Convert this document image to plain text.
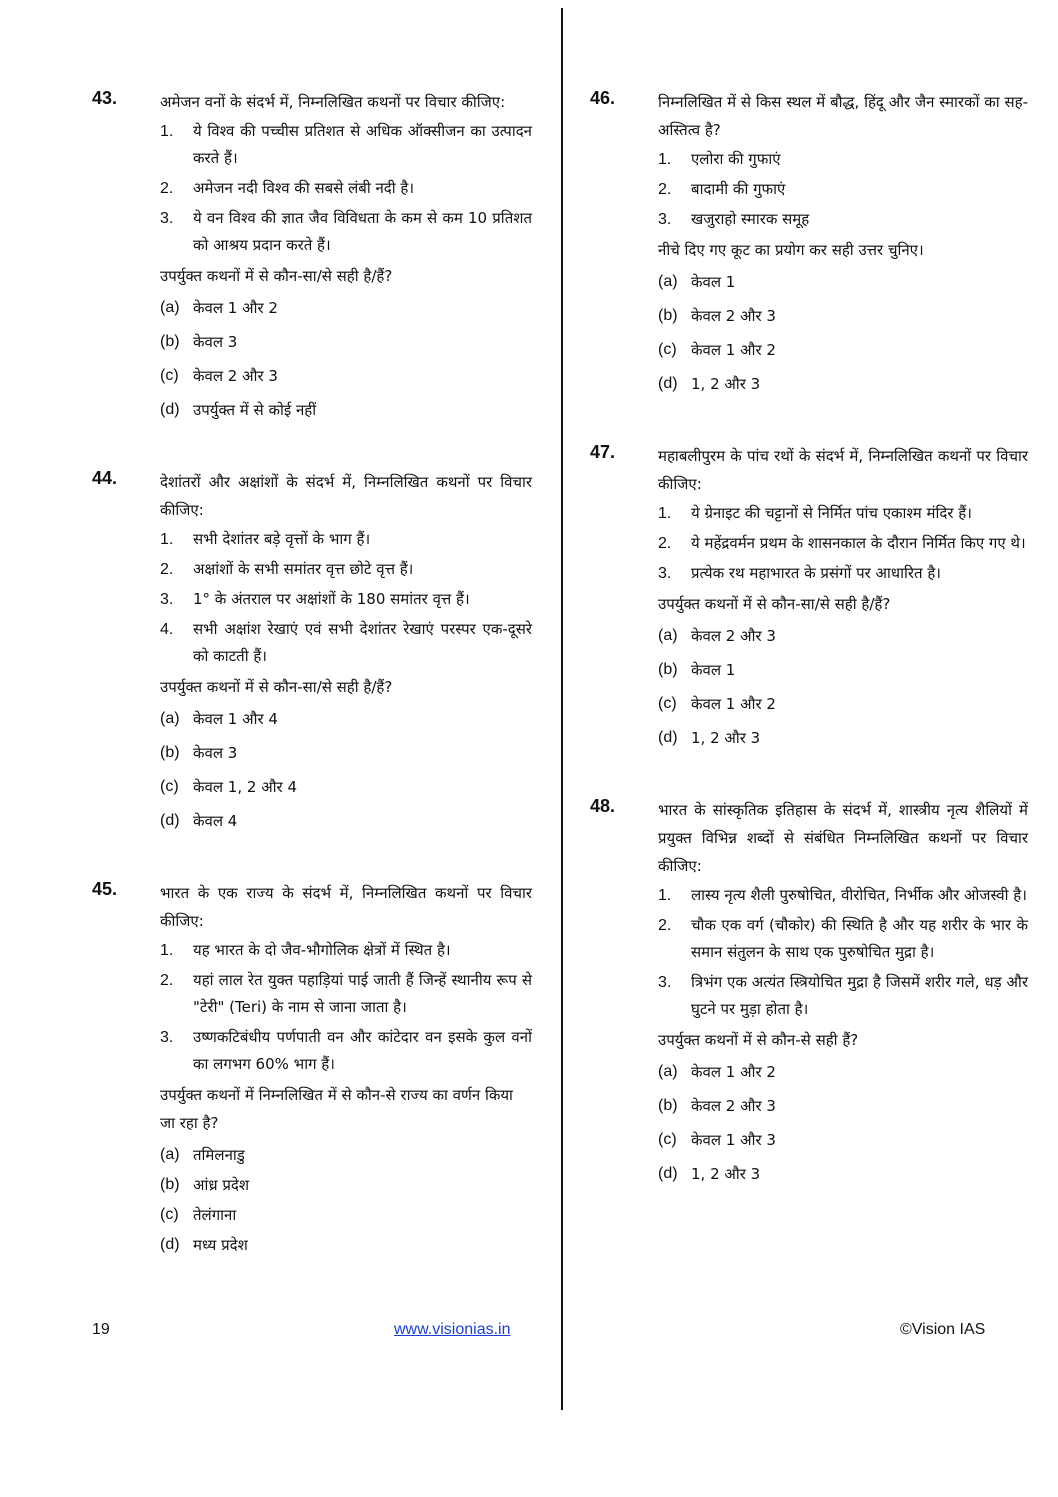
43.	अमेजन वनों के संदर्भ में, निम्नलिखित कथनों पर विचार कीजिए:

1.	ये विश्व की पच्चीस प्रतिशत से अधिक ऑक्सीजन का उत्पादन करते हैं।
2.	अमेजन नदी विश्व की सबसे लंबी नदी है।
3.	ये वन विश्व की ज्ञात जैव विविधता के कम से कम 10 प्रतिशत को आश्रय प्रदान करते हैं।

उपर्युक्त कथनों में से कौन-सा/से सही है/हैं?

(a) केवल 1 और 2
(b) केवल 3
(c) केवल 2 और 3
(d) उपर्युक्त में से कोई नहीं
44.	देशांतरों और अक्षांशों के संदर्भ में, निम्नलिखित कथनों पर विचार कीजिए:

1.	सभी देशांतर बड़े वृत्तों के भाग हैं।
2.	अक्षांशों के सभी समांतर वृत्त छोटे वृत्त हैं।
3.	1° के अंतराल पर अक्षांशों के 180 समांतर वृत्त हैं।
4.	सभी अक्षांश रेखाएं एवं सभी देशांतर रेखाएं परस्पर एक-दूसरे को काटती हैं।

उपर्युक्त कथनों में से कौन-सा/से सही है/हैं?

(a) केवल 1 और 4
(b) केवल 3
(c) केवल 1, 2 और 4
(d) केवल 4
45.	भारत के एक राज्य के संदर्भ में, निम्नलिखित कथनों पर विचार कीजिए:

1.	यह भारत के दो जैव-भौगोलिक क्षेत्रों में स्थित है।
2.	यहां लाल रेत युक्त पहाड़ियां पाई जाती हैं जिन्हें स्थानीय रूप से "टेरी" (Teri) के नाम से जाना जाता है।
3.	उष्णकटिबंधीय पर्णपाती वन और कांटेदार वन इसके कुल वनों का लगभग 60% भाग हैं।

उपर्युक्त कथनों में निम्नलिखित में से कौन-से राज्य का वर्णन किया जा रहा है?

(a) तमिलनाडु
(b) आंध्र प्रदेश
(c) तेलंगाना
(d) मध्य प्रदेश
46.	निम्नलिखित में से किस स्थल में बौद्ध, हिंदू और जैन स्मारकों का सह-अस्तित्व है?

1.	एलोरा की गुफाएं
2.	बादामी की गुफाएं
3.	खजुराहो स्मारक समूह

नीचे दिए गए कूट का प्रयोग कर सही उत्तर चुनिए।

(a) केवल 1
(b) केवल 2 और 3
(c) केवल 1 और 2
(d) 1, 2 और 3
47.	महाबलीपुरम के पांच रथों के संदर्भ में, निम्नलिखित कथनों पर विचार कीजिए:

1.	ये ग्रेनाइट की चट्टानों से निर्मित पांच एकाश्म मंदिर हैं।
2.	ये महेंद्रवर्मन प्रथम के शासनकाल के दौरान निर्मित किए गए थे।
3.	प्रत्येक रथ महाभारत के प्रसंगों पर आधारित है।

उपर्युक्त कथनों में से कौन-सा/से सही है/हैं?

(a) केवल 2 और 3
(b) केवल 1
(c) केवल 1 और 2
(d) 1, 2 और 3
48.	भारत के सांस्कृतिक इतिहास के संदर्भ में, शास्त्रीय नृत्य शैलियों में प्रयुक्त विभिन्न शब्दों से संबंधित निम्नलिखित कथनों पर विचार कीजिए:

1.	लास्य नृत्य शैली पुरुषोचित, वीरोचित, निर्भीक और ओजस्वी है।
2.	चौक एक वर्ग (चौकोर) की स्थिति है और यह शरीर के भार के समान संतुलन के साथ एक पुरुषोचित मुद्रा है।
3.	त्रिभंग एक अत्यंत स्त्रियोचित मुद्रा है जिसमें शरीर गले, धड़ और घुटने पर मुड़ा होता है।

उपर्युक्त कथनों में से कौन-से सही हैं?

(a) केवल 1 और 2
(b) केवल 2 और 3
(c) केवल 1 और 3
(d) 1, 2 और 3
19	www.visionias.in	©Vision IAS
